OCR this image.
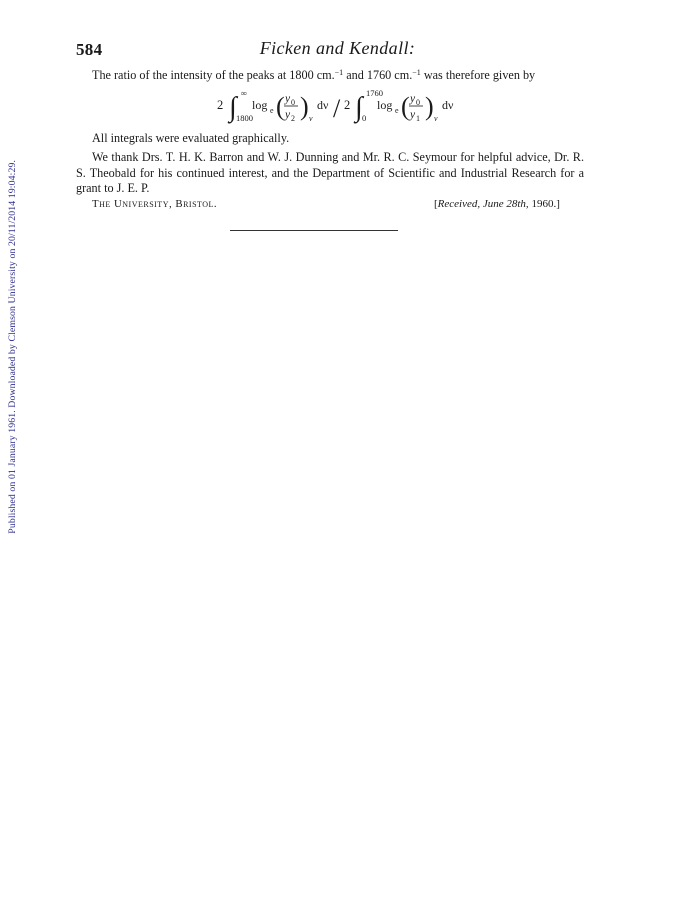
Published on 01 January 1961. Downloaded by Clemson University on 20/11/2014 19:04:29.
584	Ficken and Kendall:

The ratio of the intensity of the peaks at 1800 cm.$^{-1}$ and 1760 cm.$^{-1}$ was therefore given by

2 ∫ ∞
1800
log e ( y 0
y 2 ) ν
dν / 2 ∫ 1760
0
log e ( y 0
y 1 ) ν
dν

All integrals were evaluated graphically.

We thank Drs. T. H. K. Barron and W. J. Dunning and Mr. R. C. Seymour for helpful advice, Dr. R. S. Theobald for his continued interest, and the Department of Scientific and Industrial Research for a grant to J. E. P.

The University, Bristol.	[Received, June 28th, 1960.]
